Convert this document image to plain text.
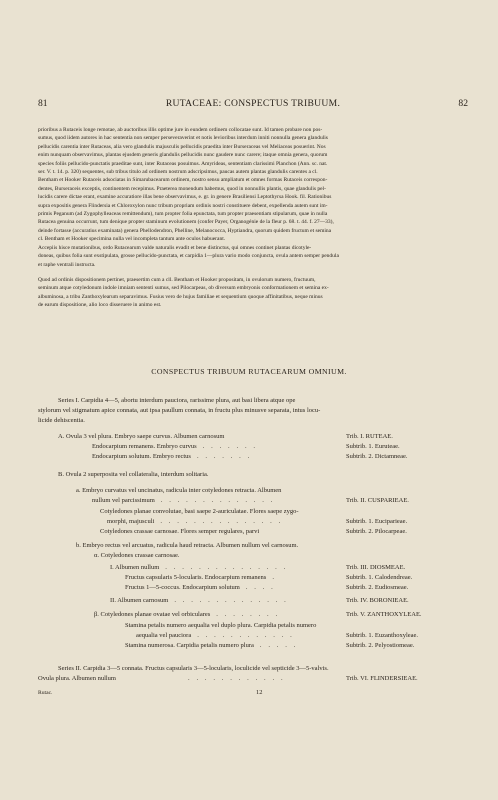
81	RUTACEAE: CONSPECTUS TRIBUUM.	82
prioribus a Rutaceis longe remotae, ab auctoribus illis optime jure in eundem ordinem collocatae sunt. Id tamen probare non pos-
sumus, quod iidem autores in hac sententia non semper perseveraverint et notis levioribus interdum inniti nonnulla genera glandulis
pellucidis carentia inter Rutaceas, alia vero glandulis majusculis pellucidis praedita inter Burseraceas vel Meliaceas posuerint. Nos
enim nunquam observavimus, plantas ejusdem generis glandulis pellucidis nunc gaudere nunc carere; itaque omnia genera, quorum
species foliis pellucido-punctatis praeditae sunt, inter Rutaceas posuimus. Amyrideas, sententiam clarissimi Planchon (Ann. sc. nat.
ser. V. t. 14. p. 320) sequentes, sub tribus titulo ad ordinem nostrum adscripsimus, paucas autem plantas glandulis carentes a cl.
Bentham et Hooker Rutaceis adsociatas in Simarubacearum ordinem, nostro sensu ampliatum et omnes formas Rutaceis correspon-
dentes, Burseraceis exceptis, continentem recepimus. Praeterea monendum habemus, quod in nonnullis plantis, quae glandulis pel-
lucidis carere dictae erant, examine accuratiore illas bene observavimus, e. gr. in genere Brasiliensi Leptothyrsa Hook. fil. Rationibus
supra expositis genera Flindersia et Chloroxylon nunc tribum propriam ordinis nostri constituere debent, expellenda autem sunt im-
primis Peganum (ad Zygophylleaceas remittendum), tum propter folia epunctata, tum propter praesentiam stipularum, quae in nulla
Rutacea genuina occurrunt, tum denique propter staminum evolutionem (confer Payer, Organogénie de la fleur p. 68. t. 44. f. 27—33),
deinde fortasse (accuratius examinata) genera Phellodendron, Phelline, Melanococca, Hyptiandra, quorum quidem fructum et semina
cl. Bentham et Hooker specimina nulla vel incompleta tantum ante oculos habuerant.
Accepiis hisce mutationibus, ordo Rutacearum valde naturalis evadit et bene distinctus, qui omnes continet plantas dicotyle-
doneas, quibus folia sunt exstipulata, grosse pellucido-punctata, et carpidia 1—plura vario modo conjuncta, ovula antem semper pendula
et raphe ventrali instructa.
Quod ad ordinis dispositionem pertinet, praesertim cum a cll. Bentham et Hooker propositam, in ovulorum numero, fructuum,
seminum atque cotyledonum indole imniam sententi sumus, sed Pilocarpeas, ob diversum embryonis conformationem et semina ex-
albuminosa, a tribu Zanthoxylearum separavimus. Fusius vero de hujus familiae et sequentium quoque affinitatibus, neque minus
de earum dispositione, alio loco disseruere in animo est.
CONSPECTUS TRIBUUM RUTACEARUM OMNIUM.
Series I. Carpidia 4—5, abortu interdum pauciora, rarissime plura, aut basi libera atque ope
stylorum vel stigmatum apice connata, aut ipsa paullum connata, in fructu plus minusve separata, intus locu-
licide dehiscentia.
A. Ovula 3 vel plura. Embryo saepe curvus. Albumen carnosum	Trib. I. RUTEAE.
Endocarpium remanens. Embryo curvus . . . . . . .	Subtrib. 1. Euruteae.
Endocarpium solutum. Embryo rectus . . . . . . .	Subtrib. 2. Dictamneae.
B. Ovula 2 superposita vel collateralia, interdum solitaria.
a. Embryo curvatus vel uncinatus, radicula inter cotyledones retracta. Albumen
nullum vel parcissimum . . . . . . . . . . . . . .	Trib. II. CUSPARIEAE.
Cotyledones planae convolutae, basi saepe 2-auriculatae. Flores saepe zygo-
morphi, majusculi . . . . . . . . . . . . . . .	Subtrib. 1. Euciparieae.
Cotyledones crassae carnosae. Flores semper regulares, parvi	Subtrib. 2. Pilocarpeae.
b. Embryo rectus vel arcuatus, radicula haud retracta. Albumen nullum vel carnosum.
α. Cotyledones crassae carnosae.
I. Albumen nullum . . . . . . . . . . . . . . .	Trib. III. DIOSMEAE.
Fructus capsularis 5-locularis. Endocarpium remanens .	Subtrib. 1. Calodendreae.
Fructus 1—5-coccus. Endocarpium solutum . . . .	Subtrib. 2. Eudiosmeae.
II. Albumen carnosum . . . . . . . . . . . . . .	Trib. IV. BORONIEAE.
β. Cotyledones planae ovatae vel orbiculares . . . . . . . .	Trib. V. ZANTHOXYLEAE.
Stamina petalis numero aequalia vel duplo plura. Carpidia petalis numero
aequalia vel pauciora . . . . . . . . . . . .	Subtrib. 1. Euzanthoxyleae.
Stamina numerosa. Carpidia petalis numero plura . . . . .	Subtrib. 2. Pelyostiomeae.
Series II. Carpidia 3—5 connata. Fructus capsularis 3—5-locularis, loculicide vel septicide 3—5-valvis.
Ovula plura. Albumen nullum	. . . . . . . . . . . .	Trib. VI. FLINDERSIEAE.
Rutac.	12
